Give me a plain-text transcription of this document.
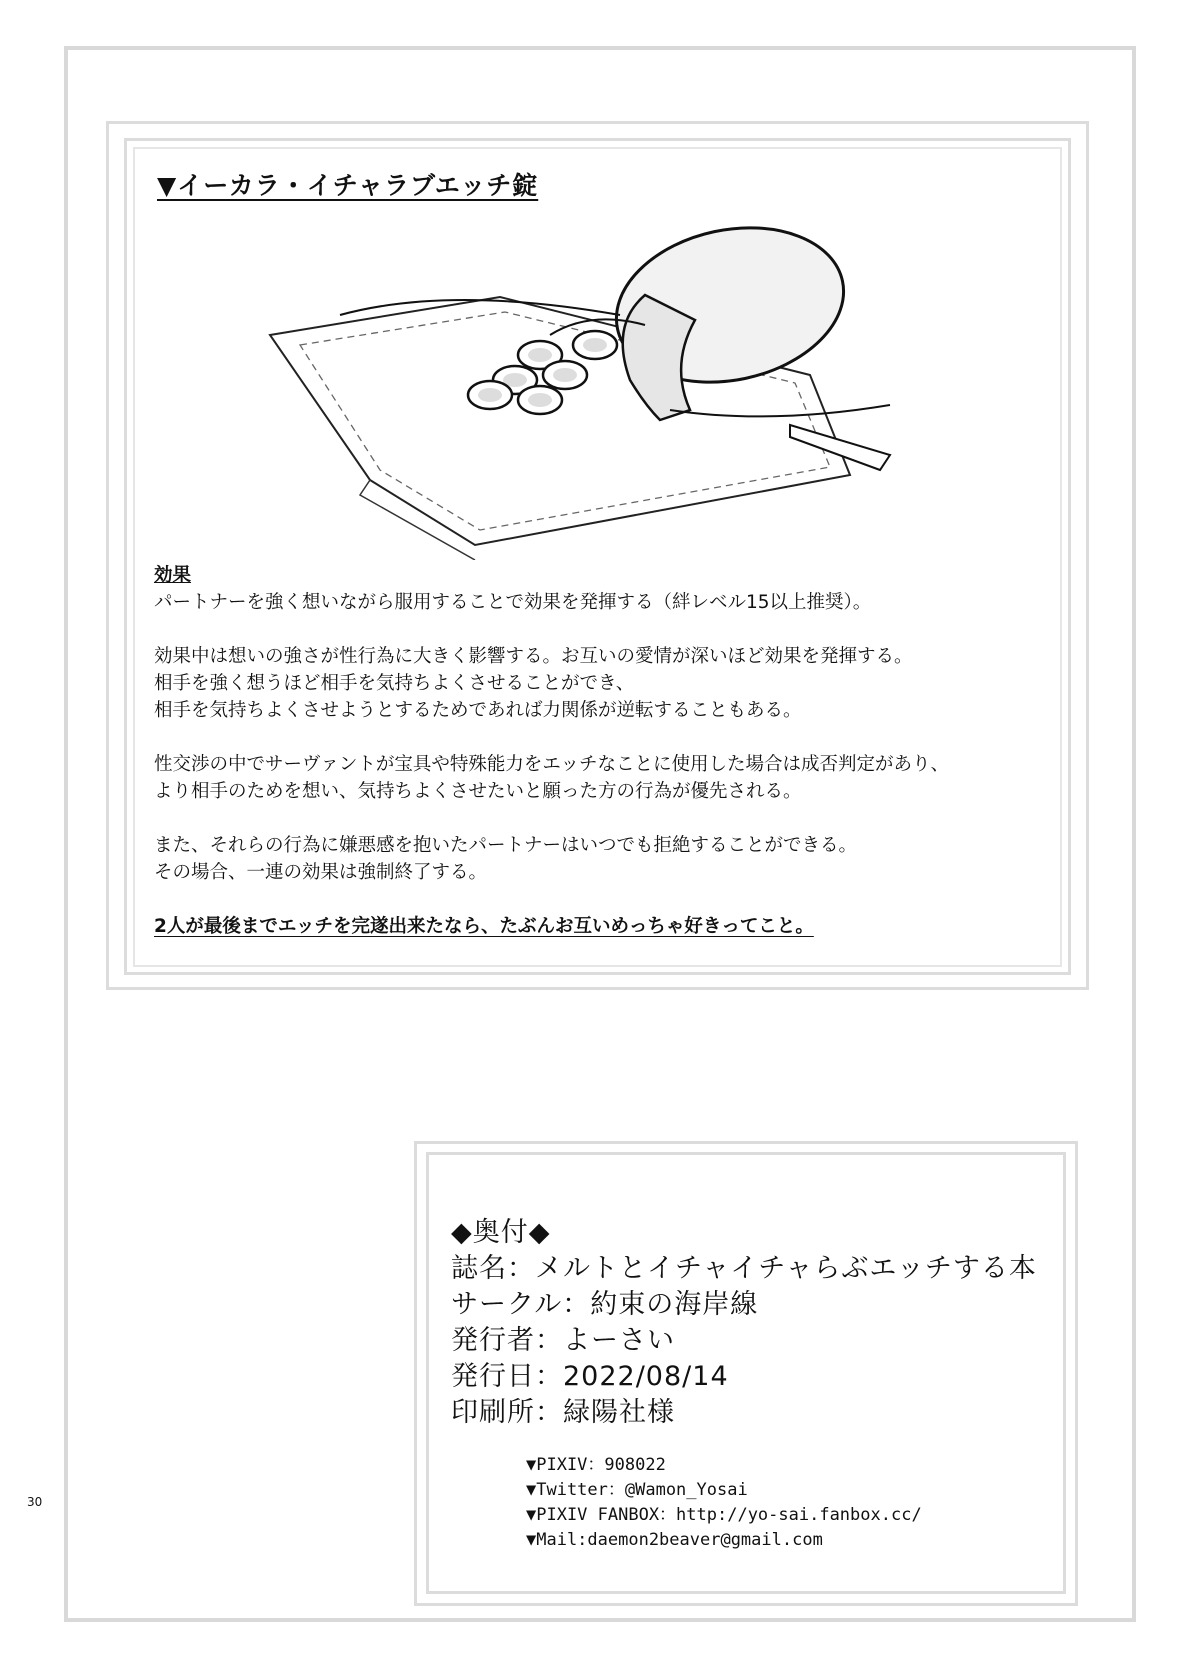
▼イーカラ・イチャラブエッチ錠
効果

パートナーを強く想いながら服用することで効果を発揮する（絆レベル15以上推奨）。

効果中は想いの強さが性行為に大きく影響する。お互いの愛情が深いほど効果を発揮する。

相手を強く想うほど相手を気持ちよくさせることができ、

相手を気持ちよくさせようとするためであれば力関係が逆転することもある。

性交渉の中でサーヴァントが宝具や特殊能力をエッチなことに使用した場合は成否判定があり、

より相手のためを想い、気持ちよくさせたいと願った方の行為が優先される。

また、それらの行為に嫌悪感を抱いたパートナーはいつでも拒絶することができる。

その場合、一連の効果は強制終了する。

2人が最後までエッチを完遂出来たなら、たぶんお互いめっちゃ好きってこと。

◆奥付◆
誌名：メルトとイチャイチャらぶエッチする本
サークル：約束の海岸線
発行者：よーさい
発行日：2022/08/14
印刷所：緑陽社様
▼PIXIV：908022
▼Twitter：@Wamon_Yosai
▼PIXIV FANBOX：http://yo-sai.fanbox.cc/
▼Mail:daemon2beaver@gmail.com
30
